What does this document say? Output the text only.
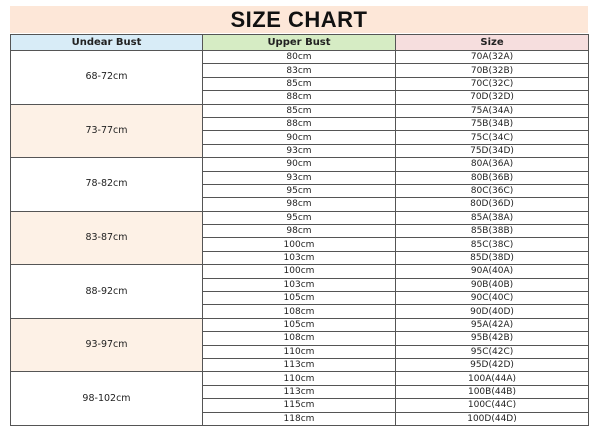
SIZE CHART
Undear Bust	Upper Bust	Size
68-72cm	80cm	70A(32A)
	83cm	70B(32B)
	85cm	70C(32C)
	88cm	70D(32D)
73-77cm	85cm	75A(34A)
	88cm	75B(34B)
	90cm	75C(34C)
	93cm	75D(34D)
78-82cm	90cm	80A(36A)
	93cm	80B(36B)
	95cm	80C(36C)
	98cm	80D(36D)
83-87cm	95cm	85A(38A)
	98cm	85B(38B)
	100cm	85C(38C)
	103cm	85D(38D)
88-92cm	100cm	90A(40A)
	103cm	90B(40B)
	105cm	90C(40C)
	108cm	90D(40D)
93-97cm	105cm	95A(42A)
	108cm	95B(42B)
	110cm	95C(42C)
	113cm	95D(42D)
98-102cm	110cm	100A(44A)
	113cm	100B(44B)
	115cm	100C(44C)
	118cm	100D(44D)
